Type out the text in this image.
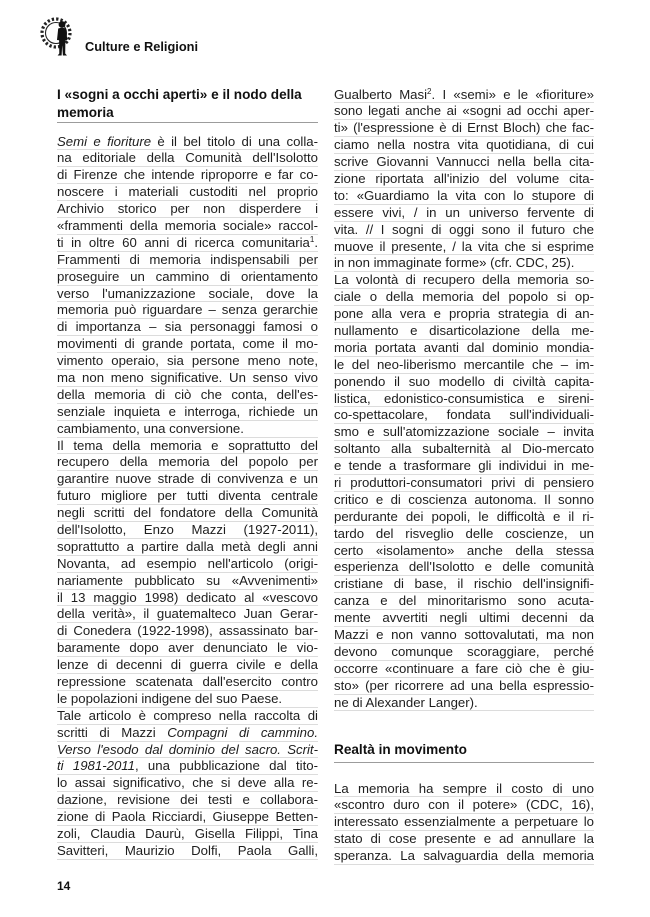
Culture e Religioni
I «sogni a occhi aperti» e il nodo della
memoria
Semi e fioriture è il bel titolo di una colla-
na editoriale della Comunità dell'Isolotto
di Firenze che intende riproporre e far co-
noscere i materiali custoditi nel proprio
Archivio storico per non disperdere i
«frammenti della memoria sociale» raccol-
ti in oltre 60 anni di ricerca comunitaria$^1$.
Frammenti di memoria indispensabili per
proseguire un cammino di orientamento
verso l'umanizzazione sociale, dove la
memoria può riguardare – senza gerarchie
di importanza – sia personaggi famosi o
movimenti di grande portata, come il mo-
vimento operaio, sia persone meno note,
ma non meno significative. Un senso vivo
della memoria di ciò che conta, dell'es-
senziale inquieta e interroga, richiede un
cambiamento, una conversione.
Il tema della memoria e soprattutto del
recupero della memoria del popolo per
garantire nuove strade di convivenza e un
futuro migliore per tutti diventa centrale
negli scritti del fondatore della Comunità
dell'Isolotto, Enzo Mazzi (1927-2011),
soprattutto a partire dalla metà degli anni
Novanta, ad esempio nell'articolo (origi-
nariamente pubblicato su «Avvenimenti»
il 13 maggio 1998) dedicato al «vescovo
della verità», il guatemalteco Juan Gerar-
di Conedera (1922-1998), assassinato bar-
baramente dopo aver denunciato le vio-
lenze di decenni di guerra civile e della
repressione scatenata dall'esercito contro
le popolazioni indigene del suo Paese.
Tale articolo è compreso nella raccolta di
scritti di Mazzi Compagni di cammino.
Verso l'esodo dal dominio del sacro. Scrit-
ti 1981-2011, una pubblicazione dal tito-
lo assai significativo, che si deve alla re-
dazione, revisione dei testi e collabora-
zione di Paola Ricciardi, Giuseppe Betten-
zoli, Claudia Daurù, Gisella Filippi, Tina
Savitteri, Maurizio Dolfi, Paola Galli,
Gualberto Masi$^2$. I «semi» e le «fioriture»
sono legati anche ai «sogni ad occhi aper-
ti» (l'espressione è di Ernst Bloch) che fac-
ciamo nella nostra vita quotidiana, di cui
scrive Giovanni Vannucci nella bella cita-
zione riportata all'inizio del volume cita-
to: «Guardiamo la vita con lo stupore di
essere vivi, / in un universo fervente di
vita. // I sogni di oggi sono il futuro che
muove il presente, / la vita che si esprime
in non immaginate forme» (cfr. CDC, 25).
La volontà di recupero della memoria so-
ciale o della memoria del popolo si op-
pone alla vera e propria strategia di an-
nullamento e disarticolazione della me-
moria portata avanti dal dominio mondia-
le del neo-liberismo mercantile che – im-
ponendo il suo modello di civiltà capita-
listica, edonistico-consumistica e sireni-
co-spettacolare, fondata sull'individuali-
smo e sull'atomizzazione sociale – invita
soltanto alla subalternità al Dio-mercato
e tende a trasformare gli individui in me-
ri produttori-consumatori privi di pensiero
critico e di coscienza autonoma. Il sonno
perdurante dei popoli, le difficoltà e il ri-
tardo del risveglio delle coscienze, un
certo «isolamento» anche della stessa
esperienza dell'Isolotto e delle comunità
cristiane di base, il rischio dell'insignifi-
canza e del minoritarismo sono acuta-
mente avvertiti negli ultimi decenni da
Mazzi e non vanno sottovalutati, ma non
devono comunque scoraggiare, perché
occorre «continuare a fare ciò che è giu-
sto» (per ricorrere ad una bella espressio-
ne di Alexander Langer).
Realtà in movimento
La memoria ha sempre il costo di uno
«scontro duro con il potere» (CDC, 16),
interessato essenzialmente a perpetuare lo
stato di cose presente e ad annullare la
speranza. La salvaguardia della memoria
14
